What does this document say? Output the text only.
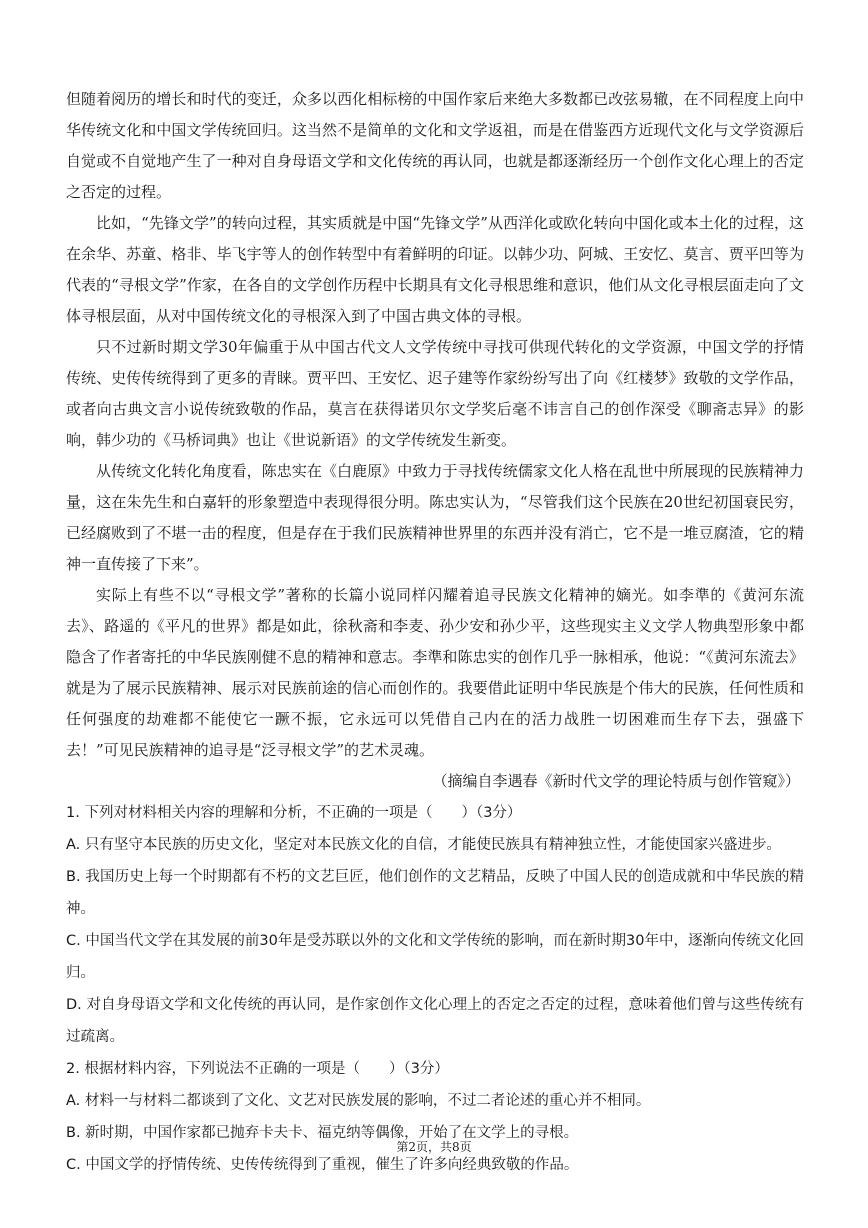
但随着阅历的增长和时代的变迁，众多以西化相标榜的中国作家后来绝大多数都已改弦易辙，在不同程度上向中华传统文化和中国文学传统回归。这当然不是简单的文化和文学返祖，而是在借鉴西方近现代文化与文学资源后自觉或不自觉地产生了一种对自身母语文学和文化传统的再认同，也就是都逐渐经历一个创作文化心理上的否定之否定的过程。

比如，“先锋文学”的转向过程，其实质就是中国“先锋文学”从西洋化或欧化转向中国化或本土化的过程，这在余华、苏童、格非、毕飞宇等人的创作转型中有着鲜明的印证。以韩少功、阿城、王安忆、莫言、贾平凹等为代表的“寻根文学”作家，在各自的文学创作历程中长期具有文化寻根思维和意识，他们从文化寻根层面走向了文体寻根层面，从对中国传统文化的寻根深入到了中国古典文体的寻根。

只不过新时期文学30年偏重于从中国古代文人文学传统中寻找可供现代转化的文学资源，中国文学的抒情传统、史传传统得到了更多的青睐。贾平凹、王安忆、迟子建等作家纷纷写出了向《红楼梦》致敬的文学作品，或者向古典文言小说传统致敬的作品，莫言在获得诺贝尔文学奖后毫不讳言自己的创作深受《聊斋志异》的影响，韩少功的《马桥词典》也让《世说新语》的文学传统发生新变。

从传统文化转化角度看，陈忠实在《白鹿原》中致力于寻找传统儒家文化人格在乱世中所展现的民族精神力量，这在朱先生和白嘉轩的形象塑造中表现得很分明。陈忠实认为，“尽管我们这个民族在20世纪初国衰民穷，已经腐败到了不堪一击的程度，但是存在于我们民族精神世界里的东西并没有消亡，它不是一堆豆腐渣，它的精神一直传接了下来”。

实际上有些不以“寻根文学”著称的长篇小说同样闪耀着追寻民族文化精神的嫡光。如李準的《黄河东流去》、路遥的《平凡的世界》都是如此，徐秋斋和李麦、孙少安和孙少平，这些现实主义文学人物典型形象中都隐含了作者寄托的中华民族刚健不息的精神和意志。李準和陈忠实的创作几乎一脉相承，他说：“《黄河东流去》就是为了展示民族精神、展示对民族前途的信心而创作的。我要借此证明中华民族是个伟大的民族，任何性质和任何强度的劫难都不能使它一蹶不振，它永远可以凭借自己内在的活力战胜一切困难而生存下去，强盛下去！”可见民族精神的追寻是“泛寻根文学”的艺术灵魂。

（摘编自李遇春《新时代文学的理论特质与创作管窥》）

1. 下列对材料相关内容的理解和分析，不正确的一项是（　　）（3分）

A. 只有坚守本民族的历史文化，坚定对本民族文化的自信，才能使民族具有精神独立性，才能使国家兴盛进步。

B. 我国历史上每一个时期都有不朽的文艺巨匠，他们创作的文艺精品，反映了中国人民的创造成就和中华民族的精神。

C. 中国当代文学在其发展的前30年是受苏联以外的文化和文学传统的影响，而在新时期30年中，逐渐向传统文化回归。

D. 对自身母语文学和文化传统的再认同，是作家创作文化心理上的否定之否定的过程，意味着他们曾与这些传统有过疏离。

2. 根据材料内容，下列说法不正确的一项是（　　）（3分）

A. 材料一与材料二都谈到了文化、文艺对民族发展的影响，不过二者论述的重心并不相同。

B. 新时期，中国作家都已抛弃卡夫卡、福克纳等偶像，开始了在文学上的寻根。

C. 中国文学的抒情传统、史传传统得到了重视，催生了许多向经典致敬的作品。

第2页，共8页
